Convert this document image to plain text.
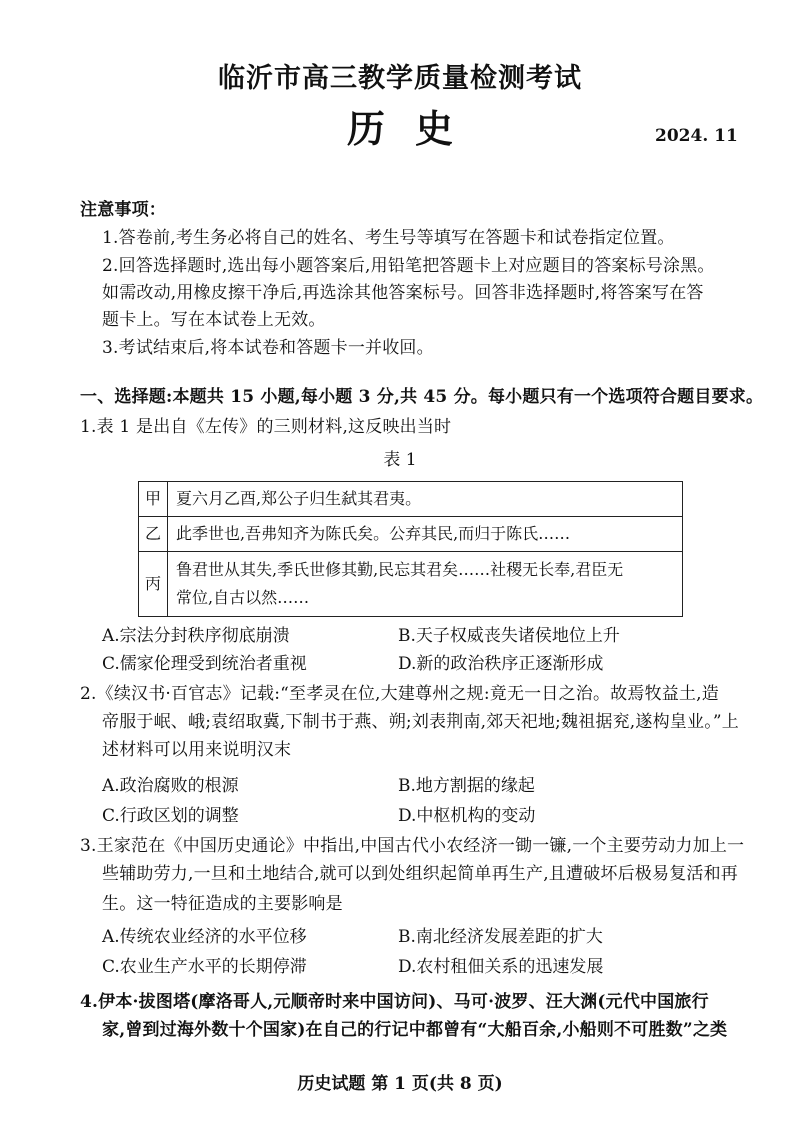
临沂市高三教学质量检测考试
历史	2024. 11
注意事项：
1.答卷前,考生务必将自己的姓名、考生号等填写在答题卡和试卷指定位置。
2.回答选择题时,选出每小题答案后,用铅笔把答题卡上对应题目的答案标号涂黑。
如需改动,用橡皮擦干净后,再选涂其他答案标号。回答非选择题时,将答案写在答
题卡上。写在本试卷上无效。
3.考试结束后,将本试卷和答题卡一并收回。
一、选择题:本题共 15 小题,每小题 3 分,共 45 分。每小题只有一个选项符合题目要求。
1.表 1 是出自《左传》的三则材料,这反映出当时
表 1
甲	夏六月乙酉,郑公子归生弑其君夷。
乙	此季世也,吾弗知齐为陈氏矣。公弃其民,而归于陈氏……
丙	鲁君世从其失,季氏世修其勤,民忘其君矣……社稷无长奉,君臣无
常位,自古以然……
A.宗法分封秩序彻底崩溃	B.天子权威丧失诸侯地位上升
C.儒家伦理受到统治者重视	D.新的政治秩序正逐渐形成
2.《续汉书·百官志》记载:“至孝灵在位,大建尊州之规:竟无一日之治。故焉牧益土,造
帝服于岷、峨;袁绍取冀,下制书于燕、朔;刘表荆南,郊天祀地;魏祖据兖,遂构皇业。”上
述材料可以用来说明汉末
A.政治腐败的根源	B.地方割据的缘起
C.行政区划的调整	D.中枢机构的变动
3.王家范在《中国历史通论》中指出,中国古代小农经济一锄一镰,一个主要劳动力加上一
些辅助劳力,一旦和土地结合,就可以到处组织起简单再生产,且遭破坏后极易复活和再
生。这一特征造成的主要影响是
A.传统农业经济的水平位移	B.南北经济发展差距的扩大
C.农业生产水平的长期停滞	D.农村租佃关系的迅速发展
4.伊本·拔图塔(摩洛哥人,元顺帝时来中国访问)、马可·波罗、汪大渊(元代中国旅行
家,曾到过海外数十个国家)在自己的行记中都曾有“大船百余,小船则不可胜数”之类
历史试题 第 1 页(共 8 页)
